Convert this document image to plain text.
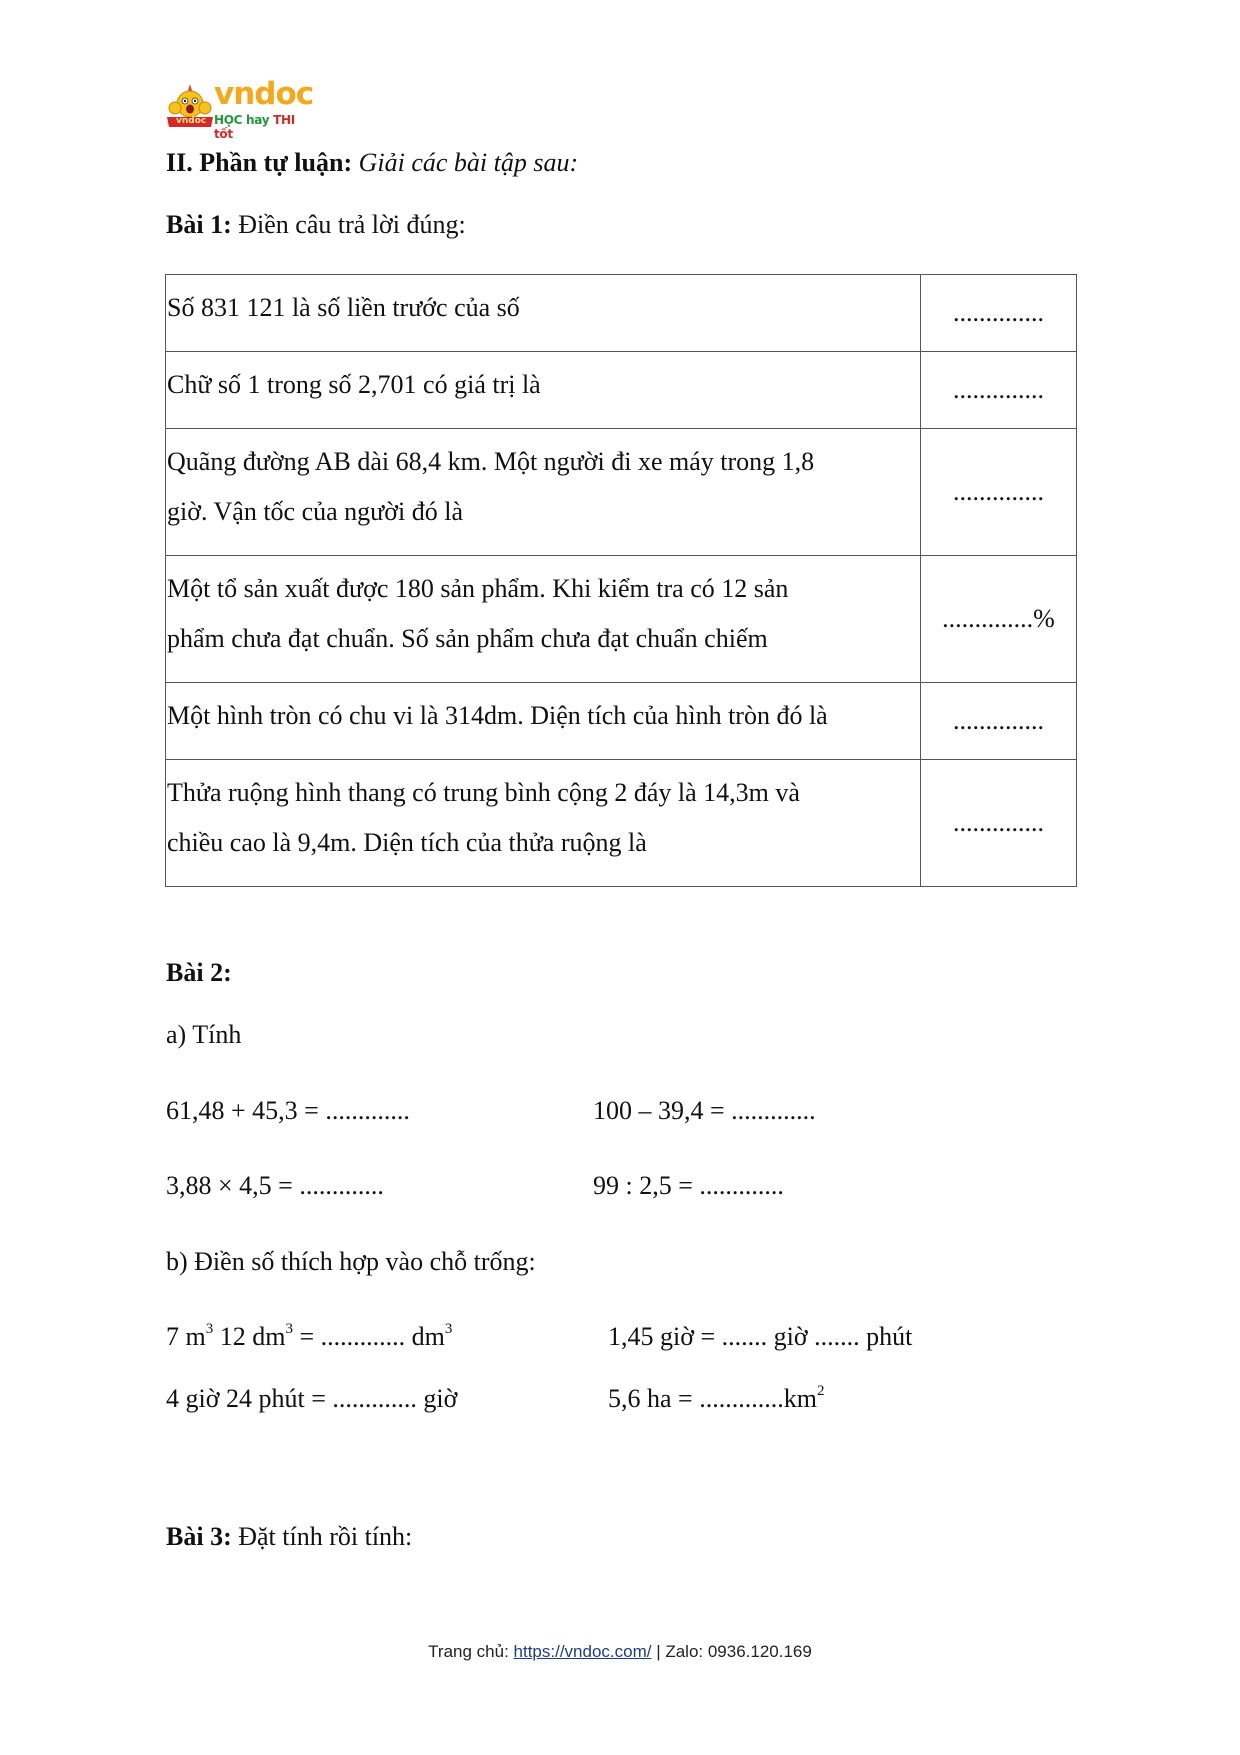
vndoc
vndoc
HỌC hay THI tốt
II. Phần tự luận: Giải các bài tập sau:
Bài 1: Điền câu trả lời đúng:
Số 831 121 là số liền trước của số	..............
Chữ số 1 trong số 2,701 có giá trị là	..............

Quãng đường AB dài 68,4 km. Một người đi xe máy trong 1,8
giờ. Vận tốc của người đó là	..............

Một tổ sản xuất được 180 sản phẩm. Khi kiểm tra có 12 sản
phẩm chưa đạt chuẩn. Số sản phẩm chưa đạt chuẩn chiếm	..............%
Một hình tròn có chu vi là 314dm. Diện tích của hình tròn đó là	..............

Thửa ruộng hình thang có trung bình cộng 2 đáy là 14,3m và
chiều cao là 9,4m. Diện tích của thửa ruộng là	..............
Bài 2:
a) Tính
61,48 + 45,3 = .............	100 – 39,4 = .............
3,88 × 4,5 = .............	99 : 2,5 = .............
b) Điền số thích hợp vào chỗ trống:
7 $m^3$ 12 $dm^3$ = ............. $dm^3$	1,45 giờ = ....... giờ ....... phút
4 giờ 24 phút = ............. giờ	5,6 ha = $.............km^2$
Bài 3: Đặt tính rồi tính:
Trang chủ: https://vndoc.com/ | Zalo: 0936.120.169
